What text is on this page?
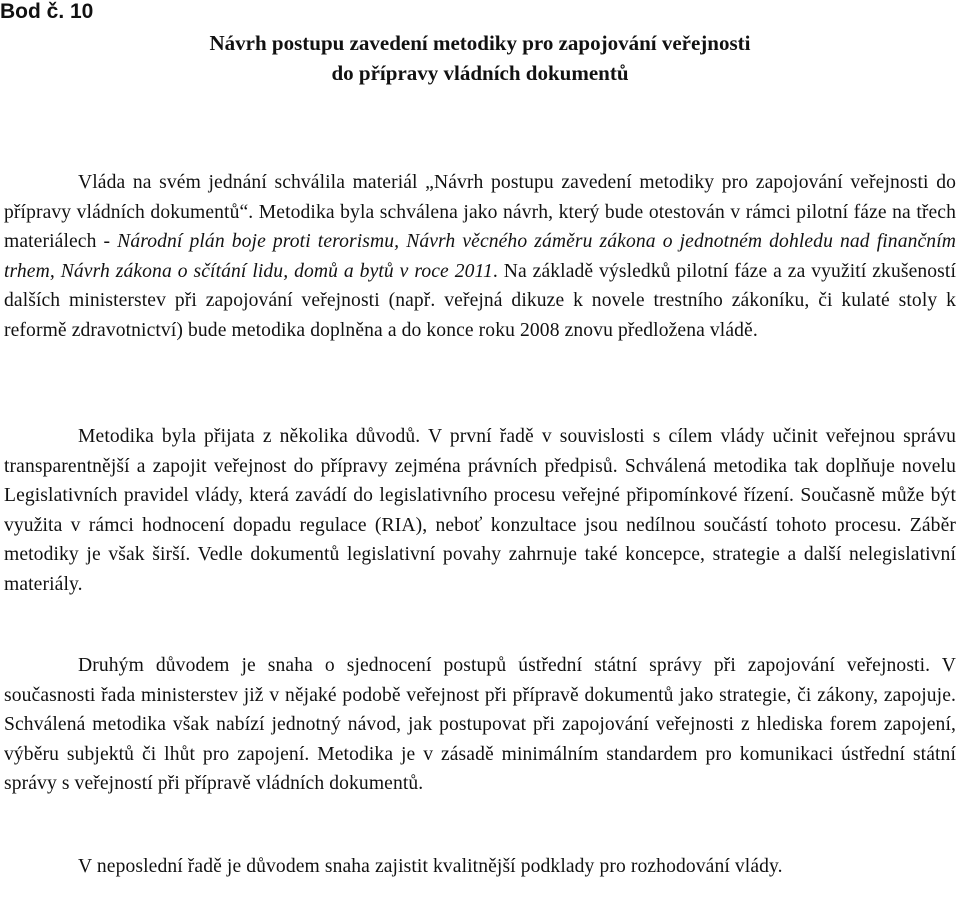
Bod č. 10
Návrh postupu zavedení metodiky pro zapojování veřejnosti
do přípravy vládních dokumentů
Vláda na svém jednání schválila materiál „Návrh postupu zavedení metodiky pro zapojování veřejnosti do přípravy vládních dokumentů“. Metodika byla schválena jako návrh, který bude otestován v rámci pilotní fáze na třech materiálech - Národní plán boje proti terorismu, Návrh věcného záměru zákona o jednotném dohledu nad finančním trhem, Návrh zákona o sčítání lidu, domů a bytů v roce 2011. Na základě výsledků pilotní fáze a za využití zkušeností dalších ministerstev při zapojování veřejnosti (např. veřejná dikuze k novele trestního zákoníku, či kulaté stoly k reformě zdravotnictví) bude metodika doplněna a do konce roku 2008 znovu předložena vládě.
Metodika byla přijata z několika důvodů. V první řadě v souvislosti s cílem vlády učinit veřejnou správu transparentnější a zapojit veřejnost do přípravy zejména právních předpisů. Schválená metodika tak doplňuje novelu Legislativních pravidel vlády, která zavádí do legislativního procesu veřejné připomínkové řízení. Současně může být využita v rámci hodnocení dopadu regulace (RIA), neboť konzultace jsou nedílnou součástí tohoto procesu. Záběr metodiky je však širší. Vedle dokumentů legislativní povahy zahrnuje také koncepce, strategie a další nelegislativní materiály.
Druhým důvodem je snaha o sjednocení postupů ústřední státní správy při zapojování veřejnosti. V současnosti řada ministerstev již v nějaké podobě veřejnost při přípravě dokumentů jako strategie, či zákony, zapojuje. Schválená metodika však nabízí jednotný návod, jak postupovat při zapojování veřejnosti z hlediska forem zapojení, výběru subjektů či lhůt pro zapojení. Metodika je v zásadě minimálním standardem pro komunikaci ústřední státní správy s veřejností při přípravě vládních dokumentů.
V neposlední řadě je důvodem snaha zajistit kvalitnější podklady pro rozhodování vlády.
